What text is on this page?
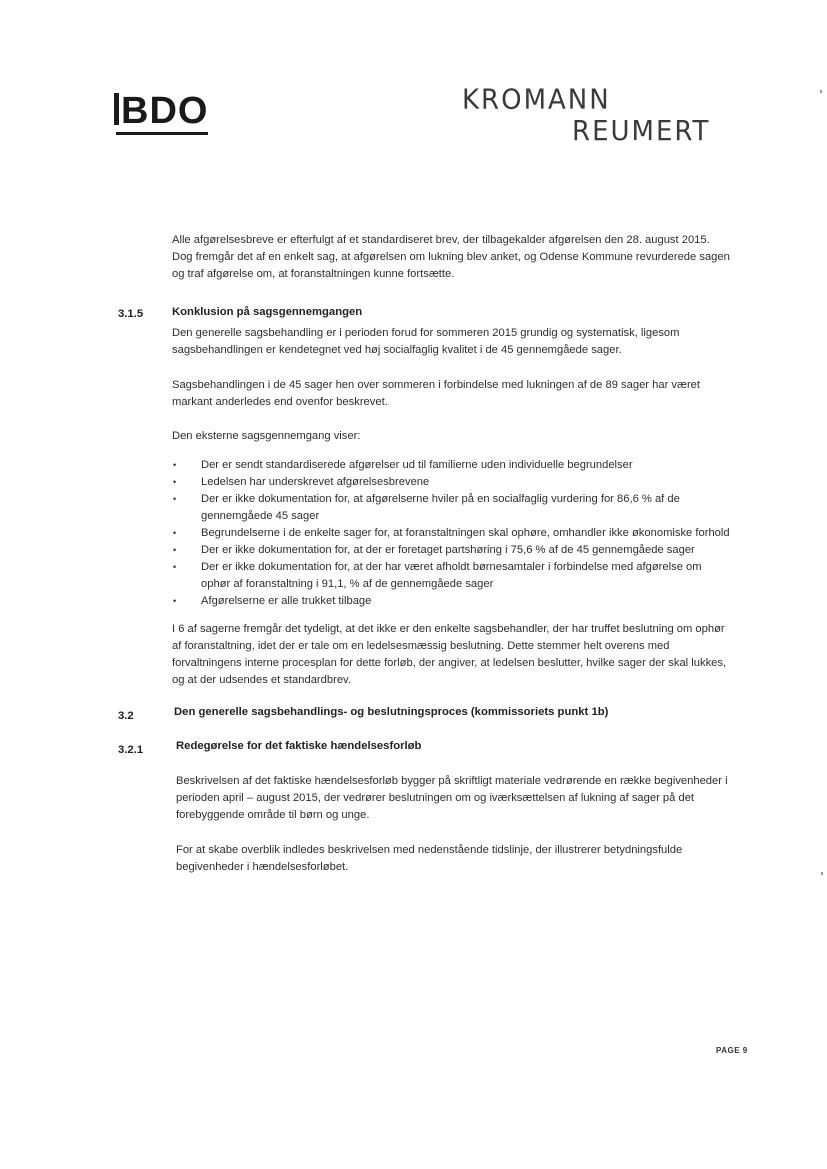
BDO	KROMANN
REUMERT
Alle afgørelsesbreve er efterfulgt af et standardiseret brev, der tilbagekalder afgørelsen den 28. august 2015. Dog fremgår det af en enkelt sag, at afgørelsen om lukning blev anket, og Odense Kommune revurderede sagen og traf afgørelse om, at foranstaltningen kunne fortsætte.
3.1.5	Konklusion på sagsgennemgangen
Den generelle sagsbehandling er i perioden forud for sommeren 2015 grundig og systematisk, ligesom sagsbehandlingen er kendetegnet ved høj socialfaglig kvalitet i de 45 gennemgåede sager.
Sagsbehandlingen i de 45 sager hen over sommeren i forbindelse med lukningen af de 89 sager har været markant anderledes end ovenfor beskrevet.
Den eksterne sagsgennemgang viser:
• Der er sendt standardiserede afgørelser ud til familierne uden individuelle begrundelser
• Ledelsen har underskrevet afgørelsesbrevene
• Der er ikke dokumentation for, at afgørelserne hviler på en socialfaglig vurdering for 86,6 % af de gennemgåede 45 sager
• Begrundelserne i de enkelte sager for, at foranstaltningen skal ophøre, omhandler ikke økonomiske forhold
• Der er ikke dokumentation for, at der er foretaget partshøring i 75,6 % af de 45 gennemgåede sager
• Der er ikke dokumentation for, at der har været afholdt børnesamtaler i forbindelse med afgørelse om ophør af foranstaltning i 91,1, % af de gennemgåede sager
• Afgørelserne er alle trukket tilbage
I 6 af sagerne fremgår det tydeligt, at det ikke er den enkelte sagsbehandler, der har truffet beslutning om ophør af foranstaltning, idet der er tale om en ledelsesmæssig beslutning. Dette stemmer helt overens med forvaltningens interne procesplan for dette forløb, der angiver, at ledelsen beslutter, hvilke sager der skal lukkes, og at der udsendes et standardbrev.
3.2	Den generelle sagsbehandlings- og beslutningsproces (kommissoriets punkt 1b)
3.2.1	Redegørelse for det faktiske hændelsesforløb
Beskrivelsen af det faktiske hændelsesforløb bygger på skriftligt materiale vedrørende en række begivenheder i perioden april – august 2015, der vedrører beslutningen om og iværksættelsen af lukning af sager på det forebyggende område til børn og unge.
For at skabe overblik indledes beskrivelsen med nedenstående tidslinje, der illustrerer betydningsfulde begivenheder i hændelsesforløbet.
PAGE 9
